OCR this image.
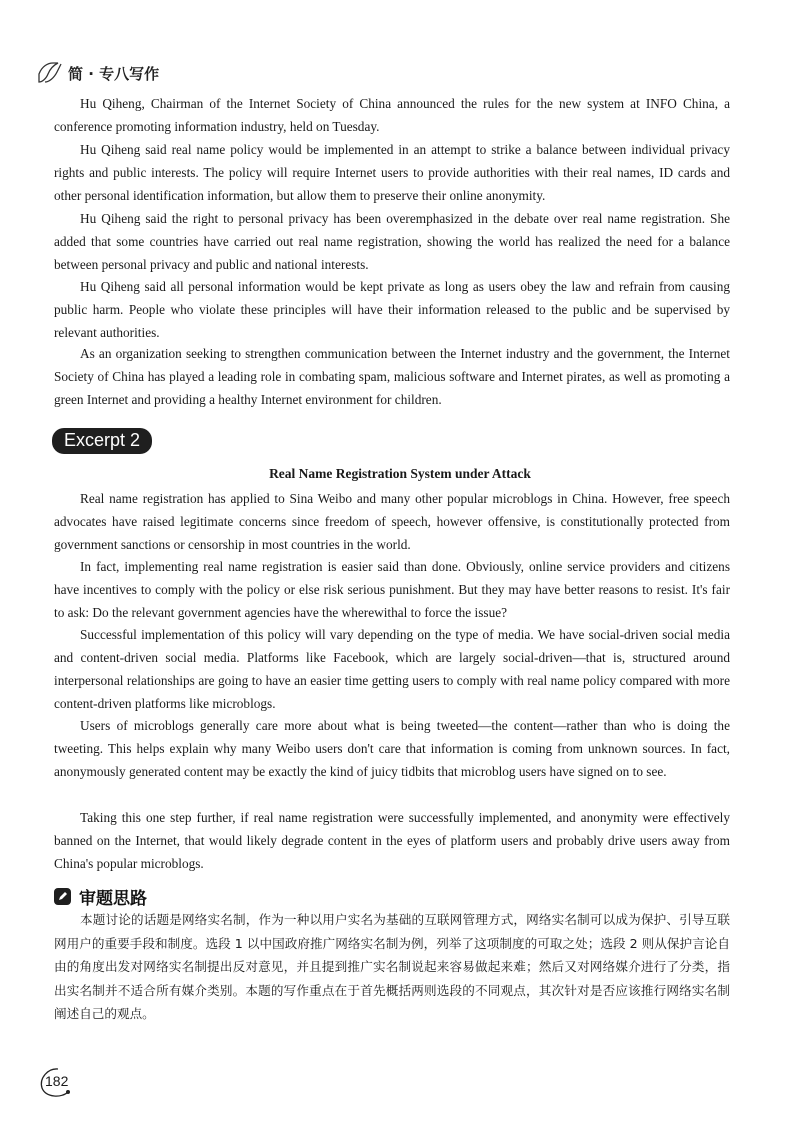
简 · 专八写作

Hu Qiheng, Chairman of the Internet Society of China announced the rules for the new system at INFO China, a conference promoting information industry, held on Tuesday.

Hu Qiheng said real name policy would be implemented in an attempt to strike a balance between individual privacy rights and public interests. The policy will require Internet users to provide authorities with their real names, ID cards and other personal identification information, but allow them to preserve their online anonymity.

Hu Qiheng said the right to personal privacy has been overemphasized in the debate over real name registration. She added that some countries have carried out real name registration, showing the world has realized the need for a balance between personal privacy and public and national interests.

Hu Qiheng said all personal information would be kept private as long as users obey the law and refrain from causing public harm. People who violate these principles will have their information released to the public and be supervised by relevant authorities.

As an organization seeking to strengthen communication between the Internet industry and the government, the Internet Society of China has played a leading role in combating spam, malicious software and Internet pirates, as well as promoting a green Internet and providing a healthy Internet environment for children.

Excerpt 2
Real Name Registration System under Attack

Real name registration has applied to Sina Weibo and many other popular microblogs in China. However, free speech advocates have raised legitimate concerns since freedom of speech, however offensive, is constitutionally protected from government sanctions or censorship in most countries in the world.

In fact, implementing real name registration is easier said than done. Obviously, online service providers and citizens have incentives to comply with the policy or else risk serious punishment. But they may have better reasons to resist. It's fair to ask: Do the relevant government agencies have the wherewithal to force the issue?

Successful implementation of this policy will vary depending on the type of media. We have social-driven social media and content-driven social media. Platforms like Facebook, which are largely social-driven—that is, structured around interpersonal relationships are going to have an easier time getting users to comply with real name policy compared with more content-driven platforms like microblogs.

Users of microblogs generally care more about what is being tweeted—the content—rather than who is doing the tweeting. This helps explain why many Weibo users don't care that information is coming from unknown sources. In fact, anonymously generated content may be exactly the kind of juicy tidbits that microblog users have signed on to see.

Taking this one step further, if real name registration were successfully implemented, and anonymity were effectively banned on the Internet, that would likely degrade content in the eyes of platform users and probably drive users away from China's popular microblogs.

审题思路

本题讨论的话题是网络实名制，作为一种以用户实名为基础的互联网管理方式，网络实名制可以成为保护、引导互联网用户的重要手段和制度。选段 1 以中国政府推广网络实名制为例，列举了这项制度的可取之处；选段 2 则从保护言论自由的角度出发对网络实名制提出反对意见，并且提到推广实名制说起来容易做起来难；然后又对网络媒介进行了分类，指出实名制并不适合所有媒介类别。本题的写作重点在于首先概括两则选段的不同观点，其次针对是否应该推行网络实名制阐述自己的观点。

182
